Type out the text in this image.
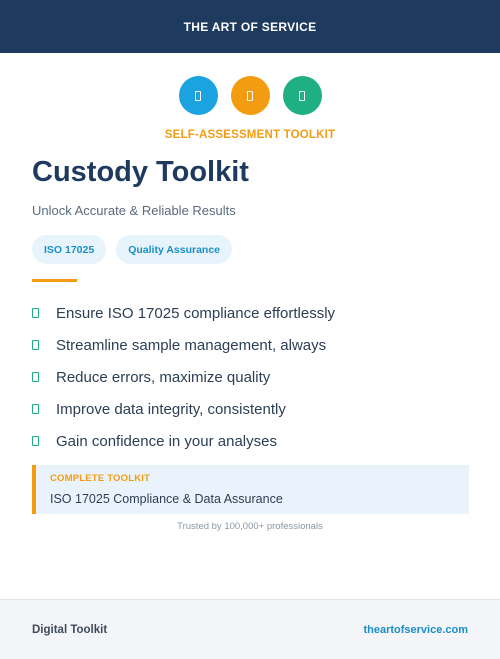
THE ART OF SERVICE
SELF-ASSESSMENT TOOLKIT
Custody Toolkit
Unlock Accurate & Reliable Results
ISO 17025	Quality Assurance
Ensure ISO 17025 compliance effortlessly
Streamline sample management, always
Reduce errors, maximize quality
Improve data integrity, consistently
Gain confidence in your analyses
COMPLETE TOOLKIT
ISO 17025 Compliance & Data Assurance
Trusted by 100,000+ professionals
Digital Toolkit	theartofservice.com
